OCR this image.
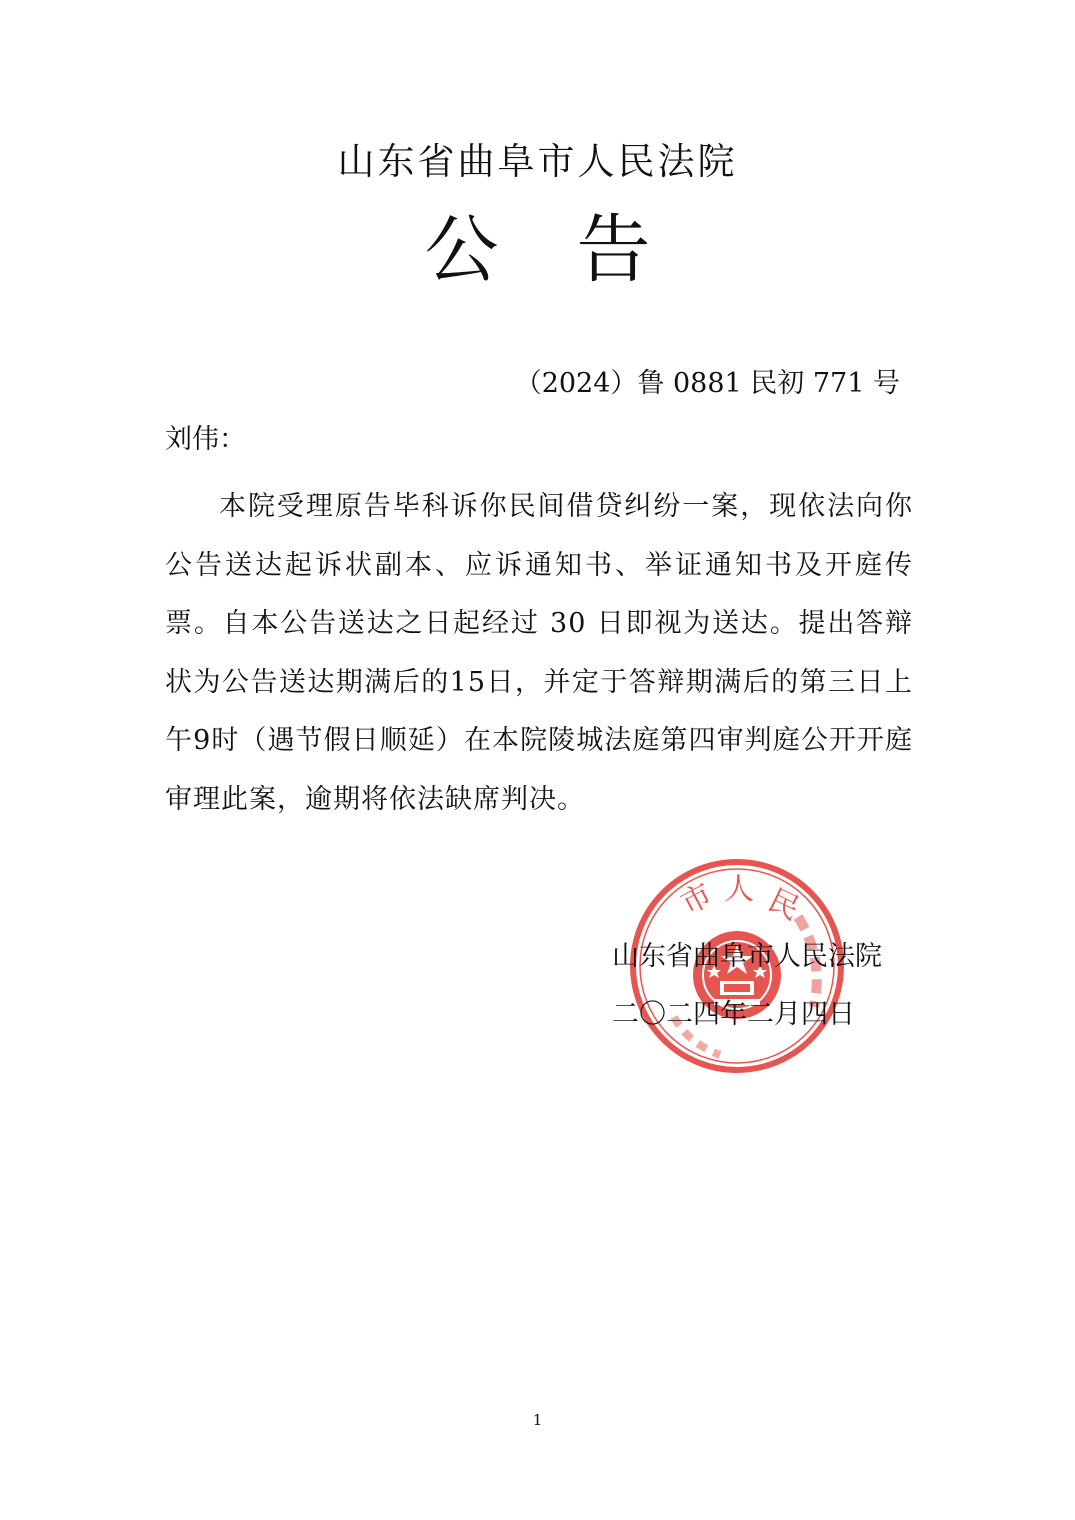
山东省曲阜市人民法院
公 告
（2024）鲁 0881 民初 771 号
刘伟：
本院受理原告毕科诉你民间借贷纠纷一案，现依法向你公告送达起诉状副本、应诉通知书、举证通知书及开庭传票。自本公告送达之日起经过 30 日即视为送达。提出答辩状为公告送达期满后的15日，并定于答辩期满后的第三日上午9时（遇节假日顺延）在本院陵城法庭第四审判庭公开开庭审理此案，逾期将依法缺席判决。
市 人 民
山东省曲阜市人民法院
二〇二四年二月四日
1
